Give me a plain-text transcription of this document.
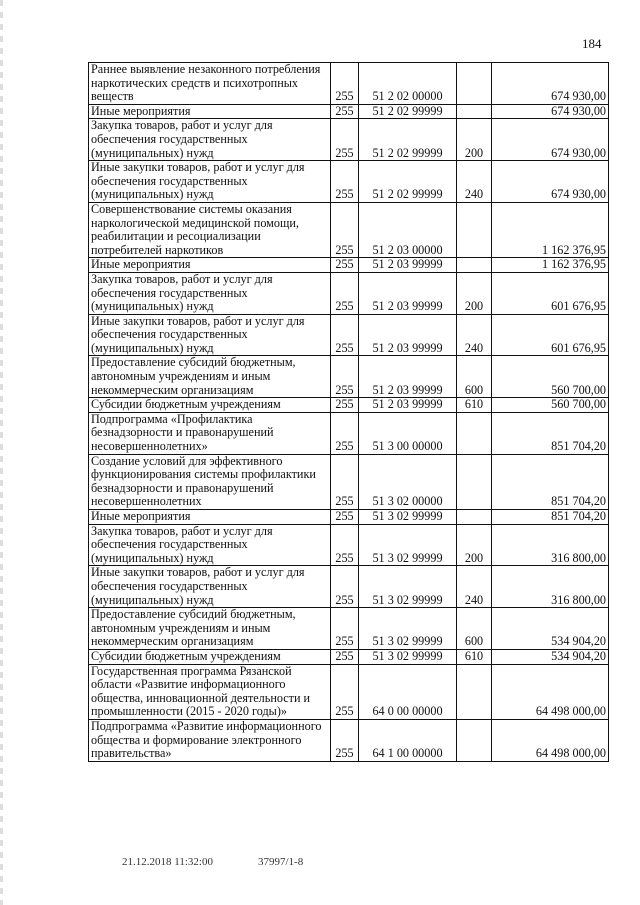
184
Раннее выявление незаконного потребления наркотических средств и психотропных веществ	255	51 2 02 00000		674 930,00
Иные мероприятия	255	51 2 02 99999		674 930,00
Закупка товаров, работ и услуг для обеспечения государственных (муниципальных) нужд	255	51 2 02 99999	200	674 930,00
Иные закупки товаров, работ и услуг для обеспечения государственных (муниципальных) нужд	255	51 2 02 99999	240	674 930,00
Совершенствование системы оказания наркологической медицинской помощи, реабилитации и ресоциализации потребителей наркотиков	255	51 2 03 00000		1 162 376,95
Иные мероприятия	255	51 2 03 99999		1 162 376,95
Закупка товаров, работ и услуг для обеспечения государственных (муниципальных) нужд	255	51 2 03 99999	200	601 676,95
Иные закупки товаров, работ и услуг для обеспечения государственных (муниципальных) нужд	255	51 2 03 99999	240	601 676,95
Предоставление субсидий бюджетным, автономным учреждениям и иным некоммерческим организациям	255	51 2 03 99999	600	560 700,00
Субсидии бюджетным учреждениям	255	51 2 03 99999	610	560 700,00
Подпрограмма «Профилактика безнадзорности и правонарушений несовершеннолетних»	255	51 3 00 00000		851 704,20
Создание условий для эффективного функционирования системы профилактики безнадзорности и правонарушений несовершеннолетних	255	51 3 02 00000		851 704,20
Иные мероприятия	255	51 3 02 99999		851 704,20
Закупка товаров, работ и услуг для обеспечения государственных (муниципальных) нужд	255	51 3 02 99999	200	316 800,00
Иные закупки товаров, работ и услуг для обеспечения государственных (муниципальных) нужд	255	51 3 02 99999	240	316 800,00
Предоставление субсидий бюджетным, автономным учреждениям и иным некоммерческим организациям	255	51 3 02 99999	600	534 904,20
Субсидии бюджетным учреждениям	255	51 3 02 99999	610	534 904,20
Государственная программа Рязанской области «Развитие информационного общества, инновационной деятельности и промышленности (2015 - 2020 годы)»	255	64 0 00 00000		64 498 000,00
Подпрограмма «Развитие информационного общества и формирование электронного правительства»	255	64 1 00 00000		64 498 000,00
21.12.2018 11:32:00	37997/1-8
